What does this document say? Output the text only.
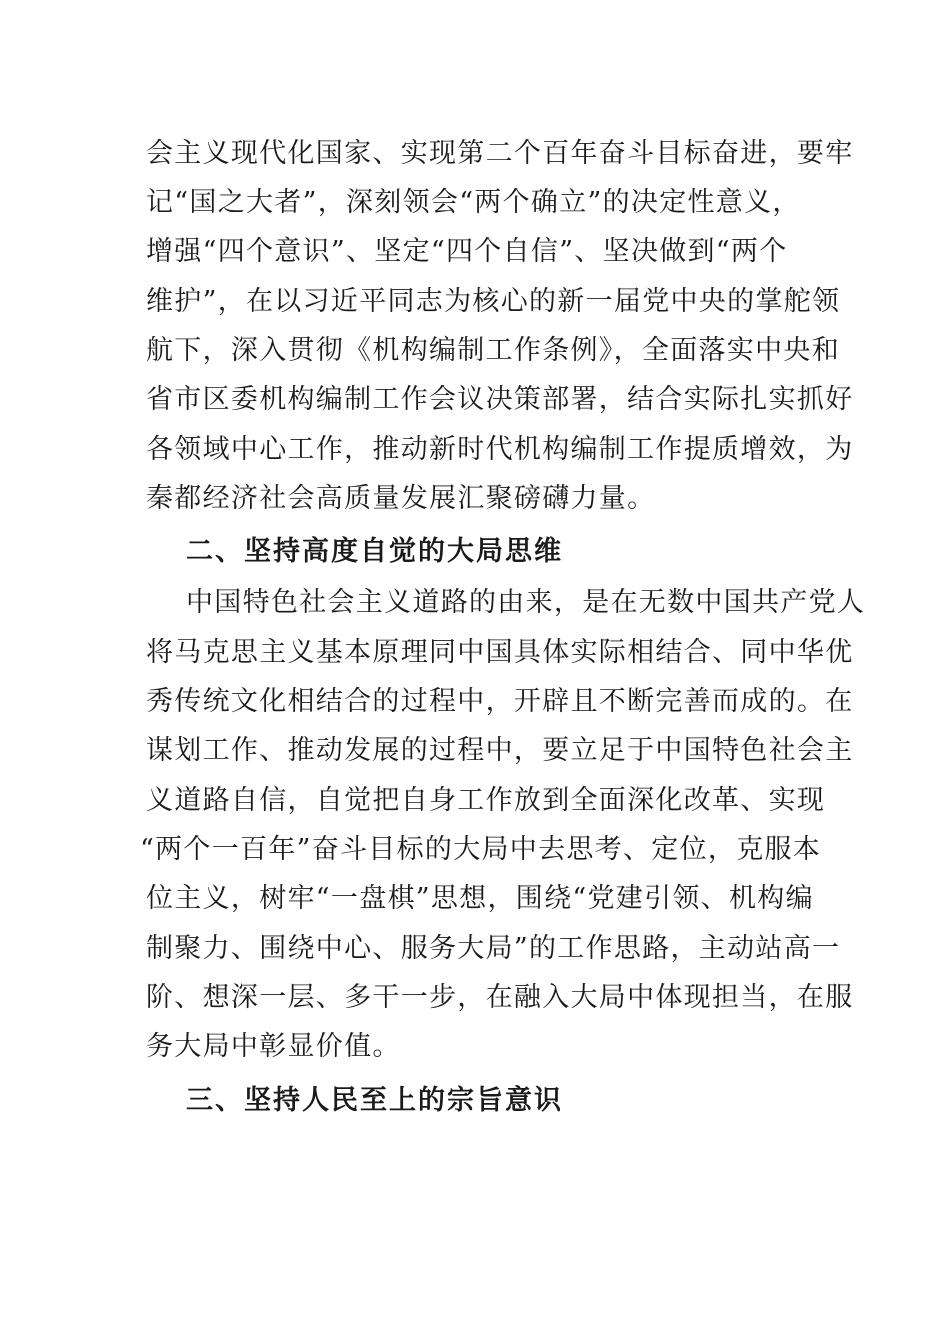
会主义现代化国家、实现第二个百年奋斗目标奋进，要牢

记“国之大者”，深刻领会“两个确立”的决定性意义，

增强“四个意识”、坚定“四个自信”、坚决做到“两个

维护”，在以习近平同志为核心的新一届党中央的掌舵领

航下，深入贯彻《机构编制工作条例》，全面落实中央和

省市区委机构编制工作会议决策部署，结合实际扎实抓好

各领域中心工作，推动新时代机构编制工作提质增效，为

秦都经济社会高质量发展汇聚磅礴力量。

二、坚持高度自觉的大局思维

中国特色社会主义道路的由来，是在无数中国共产党人

将马克思主义基本原理同中国具体实际相结合、同中华优

秀传统文化相结合的过程中，开辟且不断完善而成的。在

谋划工作、推动发展的过程中，要立足于中国特色社会主

义道路自信，自觉把自身工作放到全面深化改革、实现

“两个一百年”奋斗目标的大局中去思考、定位，克服本

位主义，树牢“一盘棋”思想，围绕“党建引领、机构编

制聚力、围绕中心、服务大局”的工作思路，主动站高一

阶、想深一层、多干一步，在融入大局中体现担当，在服

务大局中彰显价值。

三、坚持人民至上的宗旨意识
